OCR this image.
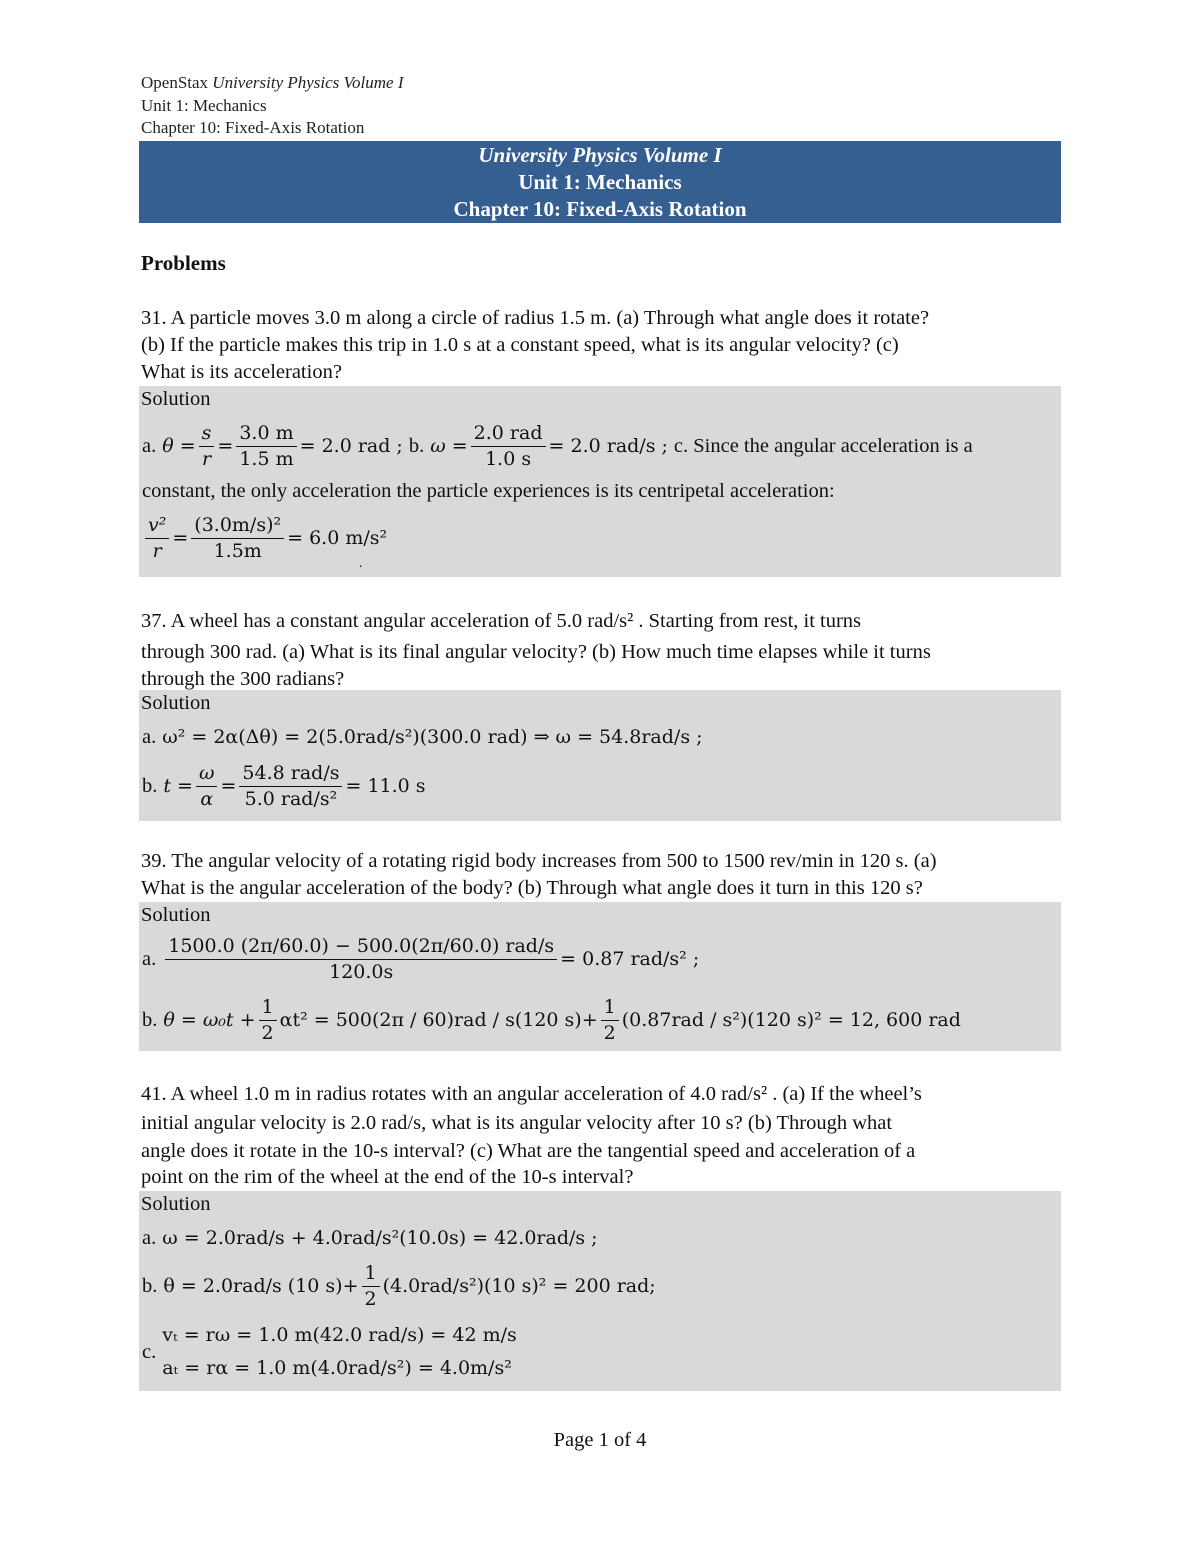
OpenStax University Physics Volume I
Unit 1: Mechanics
Chapter 10: Fixed-Axis Rotation
University Physics Volume I
Unit 1: Mechanics
Chapter 10: Fixed-Axis Rotation
Problems
31. A particle moves 3.0 m along a circle of radius 1.5 m. (a) Through what angle does it rotate?
(b) If the particle makes this trip in 1.0 s at a constant speed, what is its angular velocity? (c)
What is its acceleration?
Solution
a. $\theta = \frac{s}{r} = \frac{3.0 m}{1.5 m} = 2.0$ rad ; b. $\omega = \frac{\text{2.0 rad}}{1.0 s} = 2.0$ rad/s ; c. Since the angular acceleration is a
constant, the only acceleration the particle experiences is its centripetal acceleration:
$\frac{\text{v²}}{r} = \frac{\text{(3.0m/s)²}}{1.5m} = 6.0$ m/s²
.
37. A wheel has a constant angular acceleration of 5.0 rad/s² . Starting from rest, it turns
through 300 rad. (a) What is its final angular velocity? (b) How much time elapses while it turns
through the 300 radians?
Solution
a. ω² = 2α(Δθ) = 2(5.0rad/s²)(300.0 rad) ⇒ ω = 54.8rad/s ;
b. $t = \frac{\omega}{\alpha} = \frac{\text{54.8 rad/s}}{\text{5.0 rad/s²}} = 11.0$ s
39. The angular velocity of a rotating rigid body increases from 500 to 1500 rev/min in 120 s. (a)
What is the angular acceleration of the body? (b) Through what angle does it turn in this 120 s?
Solution
a. $\frac{\text{1500.0 (2π/60.0) − 500.0(2π/60.0) rad/s}}{120.0s} = 0.87$ rad/s² ;
b. $\theta = \omega_0t + \frac{1}{2} \alpha t^2 = 500(2\pi / 60)rad / s(120$ $s)+ \frac{1}{2} (0.87rad / s^2)(120$ s)² = 12, 600 rad
41. A wheel 1.0 m in radius rotates with an angular acceleration of 4.0 rad/s² . (a) If the wheel’s
initial angular velocity is 2.0 rad/s, what is its angular velocity after 10 s? (b) Through what
angle does it rotate in the 10-s interval? (c) What are the tangential speed and acceleration of a
point on the rim of the wheel at the end of the 10-s interval?
Solution
a. ω = 2.0rad/s + 4.0rad/s²(10.0s) = 42.0rad/s ;
b. θ = 2.0rad/s (10 $s)+ \frac{1}{2} (4.0rad/s^2)(10$ s)² = 200 rad;
c.
vₜ = rω = 1.0 m(42.0 rad/s) = 42 m/s
aₜ = rα = 1.0 m(4.0rad/s²) = 4.0m/s²
Page 1 of 4
